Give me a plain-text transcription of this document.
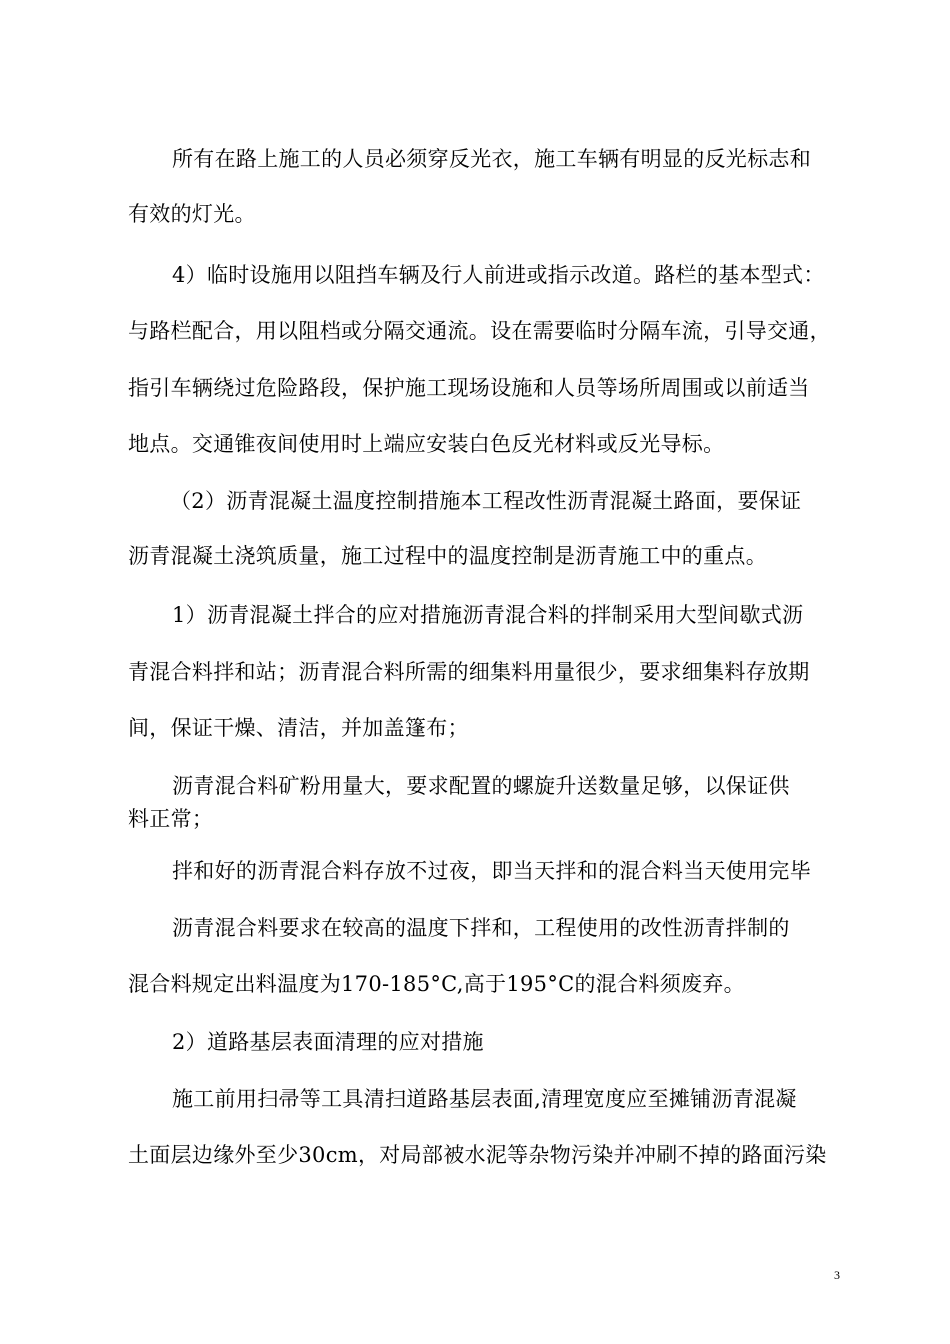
所有在路上施工的人员必须穿反光衣，施工车辆有明显的反光标志和
有效的灯光。
4）临时设施用以阻挡车辆及行人前进或指示改道。路栏的基本型式：
与路栏配合，用以阻档或分隔交通流。设在需要临时分隔车流，引导交通，
指引车辆绕过危险路段，保护施工现场设施和人员等场所周围或以前适当
地点。交通锥夜间使用时上端应安装白色反光材料或反光导标。
（2）沥青混凝土温度控制措施本工程改性沥青混凝土路面，要保证
沥青混凝土浇筑质量，施工过程中的温度控制是沥青施工中的重点。
1）沥青混凝土拌合的应对措施沥青混合料的拌制采用大型间歇式沥
青混合料拌和站；沥青混合料所需的细集料用量很少，要求细集料存放期
间，保证干燥、清洁，并加盖篷布；
沥青混合料矿粉用量大，要求配置的螺旋升送数量足够，以保证供
料正常；
拌和好的沥青混合料存放不过夜，即当天拌和的混合料当天使用完毕
沥青混合料要求在较高的温度下拌和，工程使用的改性沥青拌制的
混合料规定出料温度为170-185°C,高于195°C的混合料须废弃。
2）道路基层表面清理的应对措施
施工前用扫帚等工具清扫道路基层表面,清理宽度应至摊铺沥青混凝
土面层边缘外至少30cm，对局部被水泥等杂物污染并冲刷不掉的路面污染
3
